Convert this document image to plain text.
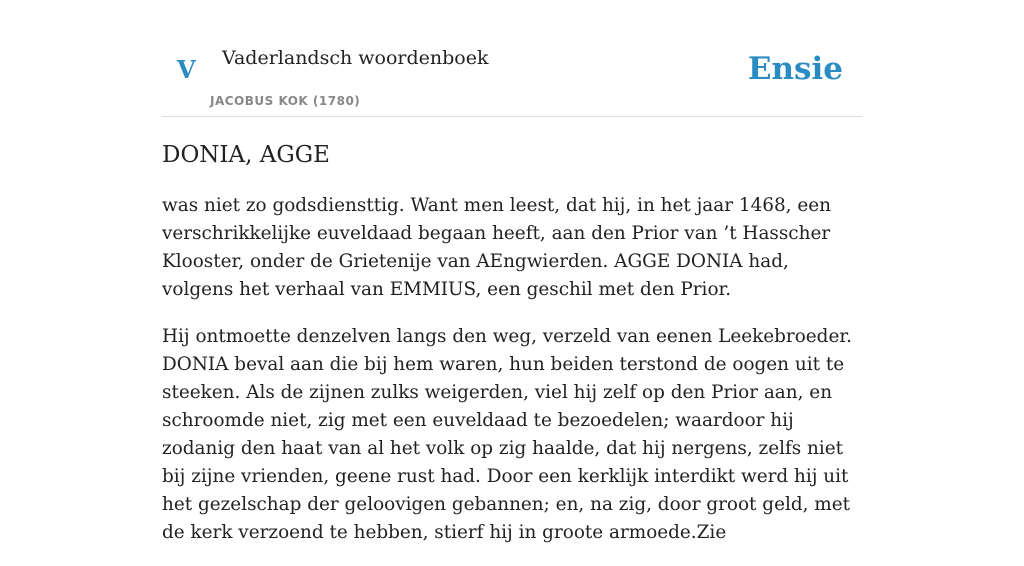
V Vaderlandsch woordenboek
JACOBUS KOK (1780)
Ensie
DONIA, AGGE

was niet zo godsdiensttig. Want men leest, dat hij, in het jaar 1468, een verschrikkelijke euveldaad begaan heeft, aan den Prior van ’t Hasscher Klooster, onder de Grietenije van AEngwierden. AGGE DONIA had, volgens het verhaal van EMMIUS, een geschil met den Prior.

Hij ontmoette denzelven langs den weg, verzeld van eenen Leekebroeder. DONIA beval aan die bij hem waren, hun beiden terstond de oogen uit te steeken. Als de zijnen zulks weigerden, viel hij zelf op den Prior aan, en schroomde niet, zig met een euveldaad te bezoedelen; waardoor hij zodanig den haat van al het volk op zig haalde, dat hij nergens, zelfs niet bij zijne vrienden, geene rust had. Door een kerklijk interdikt werd hij uit het gezelschap der geloovigen gebannen; en, na zig, door groot geld, met de kerk verzoend te hebben, stierf hij in groote armoede.Zie
